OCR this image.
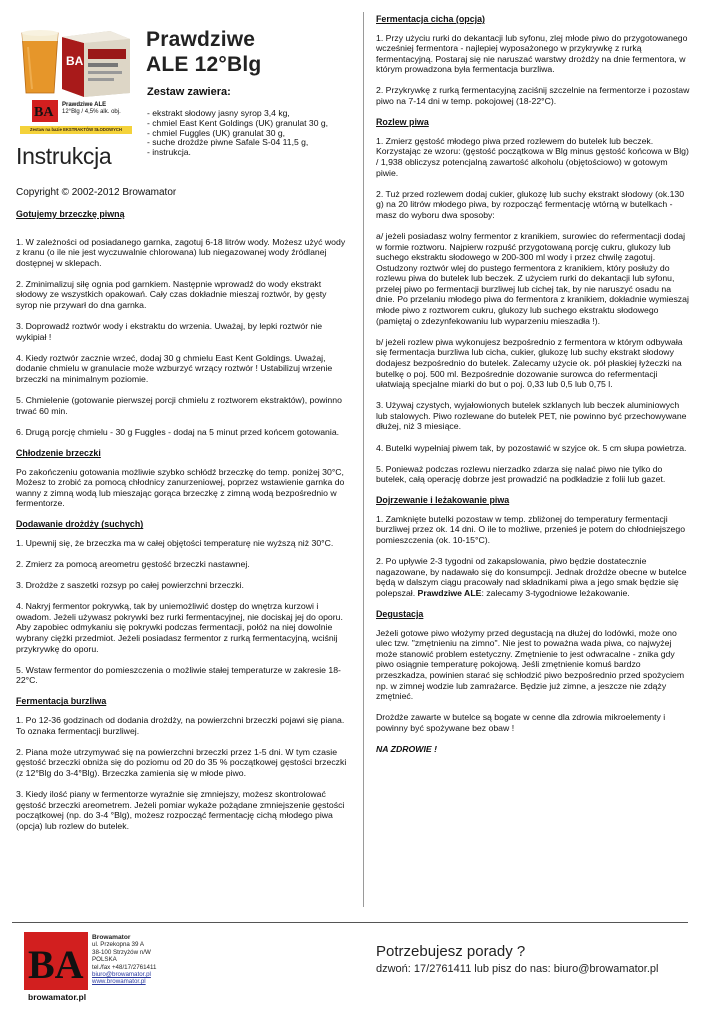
BA
BA Prawdziwe ALE
12°Blg / 4,5% alk. obj.
Zestaw na bazie EKSTRAKTÓW SŁODOWYCH
Prawdziwe
ALE 12°Blg
Zestaw zawiera:
- ekstrakt słodowy jasny syrop 3,4 kg,
- chmiel East Kent Goldings (UK) granulat 30 g,
- chmiel Fuggles (UK) granulat 30 g,
- suche drożdże piwne Safale S-04 11,5 g,
- instrukcja.
Instrukcja
Copyright © 2002-2012 Browamator
Gotujemy brzeczkę piwną

1. W zależności od posiadanego garnka, zagotuj 6-18 litrów wody. Możesz użyć wody z kranu (o ile nie jest wyczuwalnie chlorowana) lub niegazowanej wody źródlanej dostępnej w sklepach.

2. Zminimalizuj siłę ognia pod garnkiem. Następnie wprowadź do wody ekstrakt słodowy ze wszystkich opakowań. Cały czas dokładnie mieszaj roztwór, by gęsty syrop nie przywarł do dna garnka.

3. Doprowadź roztwór wody i ekstraktu do wrzenia. Uważaj, by lepki roztwór nie wykipiał !

4. Kiedy roztwór zacznie wrzeć, dodaj 30 g chmielu East Kent Goldings. Uważaj, dodanie chmielu w granulacie może wzburzyć wrzący roztwór ! Ustabilizuj wrzenie brzeczki na minimalnym poziomie.

5. Chmielenie (gotowanie pierwszej porcji chmielu z roztworem ekstraktów), powinno trwać 60 min.

6. Drugą porcję chmielu - 30 g Fuggles - dodaj na 5 minut przed końcem gotowania.

Chłodzenie brzeczki

Po zakończeniu gotowania możliwie szybko schłódź brzeczkę do temp. poniżej 30°C, Możesz to zrobić za pomocą chłodnicy zanurzeniowej, poprzez wstawienie garnka do wanny z zimną wodą lub mieszając gorąca brzeczkę z zimną wodą bezpośrednio w fermentorze.

Dodawanie drożdży (suchych)

1. Upewnij się, że brzeczka ma w całej objętości temperaturę nie wyższą niż 30°C.

2. Zmierz za pomocą areometru gęstość brzeczki nastawnej.

3. Drożdże z saszetki rozsyp po całej powierzchni brzeczki.

4. Nakryj fermentor pokrywką, tak by uniemożliwić dostęp do wnętrza kurzowi i owadom. Jeżeli używasz pokrywki bez rurki fermentacyjnej, nie dociskaj jej do oporu. Aby zapobiec odmykaniu się pokrywki podczas fermentacji, połóż na niej dowolnie wybrany ciężki przedmiot. Jeżeli posiadasz fermentor z rurką fermentacyjną, wciśnij przykrywkę do oporu.

5. Wstaw fermentor do pomieszczenia o możliwie stałej temperaturze w zakresie 18-22°C.

Fermentacja burzliwa

1. Po 12-36 godzinach od dodania drożdży, na powierzchni brzeczki pojawi się piana. To oznaka fermentacji burzliwej.

2. Piana może utrzymywać się na powierzchni brzeczki przez 1-5 dni. W tym czasie gęstość brzeczki obniża się do poziomu od 20 do 35 % początkowej gęstości brzeczki (z 12°Blg do 3-4°Blg). Brzeczka zamienia się w młode piwo.

3. Kiedy ilość piany w fermentorze wyraźnie się zmniejszy, możesz skontrolować gęstość brzeczki areometrem. Jeżeli pomiar wykaże pożądane zmniejszenie gęstości początkowej (np. do 3-4 °Blg), możesz rozpocząć fermentację cichą młodego piwa (opcja) lub rozlew do butelek.

Fermentacja cicha (opcja)

1. Przy użyciu rurki do dekantacji lub syfonu, zlej młode piwo do przygotowanego wcześniej fermentora - najlepiej wyposażonego w przykrywkę z rurką fermentacyjną. Postaraj się nie naruszać warstwy drożdży na dnie fermentora, w którym prowadzona była fermentacja burzliwa.

2. Przykrywkę z rurką fermentacyjną zaciśnij szczelnie na fermentorze i pozostaw piwo na 7-14 dni w temp. pokojowej (18-22°C).

Rozlew piwa

1. Zmierz gęstość młodego piwa przed rozlewem do butelek lub beczek. Korzystając ze wzoru: (gęstość początkowa w Blg minus gęstość końcowa w Blg) / 1,938 obliczysz potencjalną zawartość alkoholu (objętościowo) w gotowym piwie.

2. Tuż przed rozlewem dodaj cukier, glukozę lub suchy ekstrakt słodowy (ok.130 g) na 20 litrów młodego piwa, by rozpocząć fermentację wtórną w butelkach - masz do wyboru dwa sposoby:

a/ jeżeli posiadasz wolny fermentor z kranikiem, surowiec do refermentacji dodaj w formie roztworu. Najpierw rozpuść przygotowaną porcję cukru, glukozy lub suchego ekstraktu słodowego w 200-300 ml wody i przez chwilę zagotuj. Ostudzony roztwór wlej do pustego fermentora z kranikiem, który posłuży do rozlewu piwa do butelek lub beczek. Z użyciem rurki do dekantacji lub syfonu, przelej piwo po fermentacji burzliwej lub cichej tak, by nie naruszyć osadu na dnie. Po przelaniu młodego piwa do fermentora z kranikiem, dokładnie wymieszaj młode piwo z roztworem cukru, glukozy lub suchego ekstraktu słodowego (pamiętaj o zdezynfekowaniu lub wyparzeniu mieszadła !).

b/ jeżeli rozlew piwa wykonujesz bezpośrednio z fermentora w którym odbywała się fermentacja burzliwa lub cicha, cukier, glukozę lub suchy ekstrakt słodowy dodajesz bezpośrednio do butelek. Zalecamy użycie ok. pół płaskiej łyżeczki na butelkę o poj. 500 ml. Bezpośrednie dozowanie surowca do refermentacji ułatwiają specjalne miarki do but o poj. 0,33 lub 0,5 lub 0,75 l.

3. Używaj czystych, wyjałowionych butelek szklanych lub beczek aluminiowych lub stalowych. Piwo rozlewane do butelek PET, nie powinno być przechowywane dłużej, niż 3 miesiące.

4. Butelki wypełniaj piwem tak, by pozostawić w szyjce ok. 5 cm słupa powietrza.

5. Ponieważ podczas rozlewu nierzadko zdarza się nalać piwo nie tylko do butelek, całą operację dobrze jest prowadzić na podkładzie z folii lub gazet.

Dojrzewanie i leżakowanie piwa

1. Zamknięte butelki pozostaw w temp. zbliżonej do temperatury fermentacji burzliwej przez ok. 14 dni. O ile to możliwe, przenieś je potem do chłodniejszego pomieszczenia (ok. 10-15°C).

2. Po upływie 2-3 tygodni od zakapslowania, piwo będzie dostatecznie nagazowane, by nadawało się do konsumpcji. Jednak drożdże obecne w butelce będą w dalszym ciągu pracowały nad składnikami piwa a jego smak będzie się polepszał. Prawdziwe ALE: zalecamy 3-tygodniowe leżakowanie.

Degustacja

Jeżeli gotowe piwo włożymy przed degustacją na dłużej do lodówki, może ono ulec tzw. "zmętnieniu na zimno". Nie jest to poważna wada piwa, co najwyżej może stanowić problem estetyczny. Zmętnienie to jest odwracalne - znika gdy piwo osiągnie temperaturę pokojową. Jeśli zmętnienie komuś bardzo przeszkadza, powinien starać się schłodzić piwo bezpośrednio przed spożyciem np. w zimnej wodzie lub zamrażarce. Będzie już zimne, a jeszcze nie zdąży zmętnieć.

Drożdże zawarte w butelce są bogate w cenne dla zdrowia mikroelementy i powinny być spożywane bez obaw !

NA ZDROWIE !

BA
browamator.pl
Browamator
ul. Przekopna 39 A
38-100 Strzyżów n/W
POLSKA
tel./fax +48/17/2761411
biuro@browamator.pl
www.browamator.pl
Potrzebujesz porady ?
dzwoń: 17/2761411 lub pisz do nas: biuro@browamator.pl
